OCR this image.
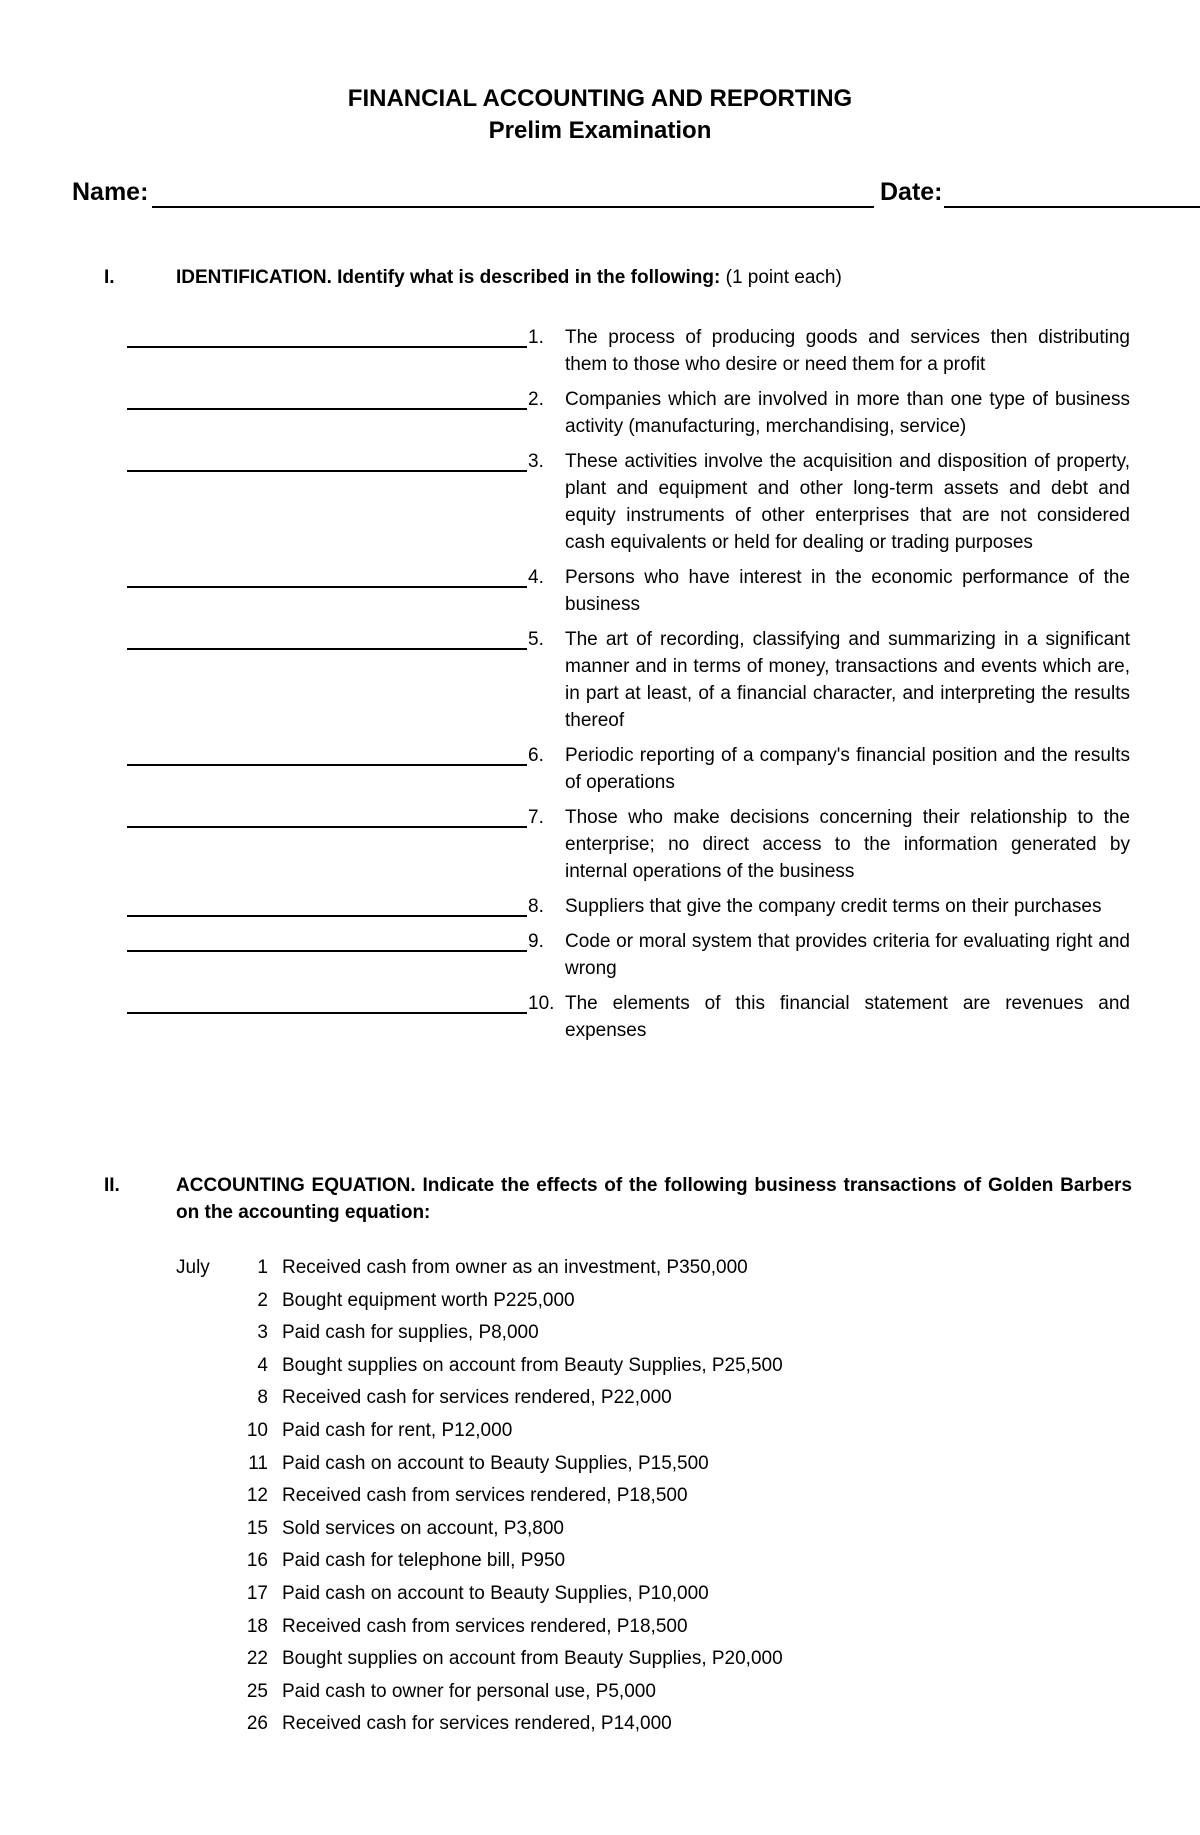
FINANCIAL ACCOUNTING AND REPORTING
Prelim Examination
Name:	Date:
I.	IDENTIFICATION. Identify what is described in the following: (1 point each)
1.	The process of producing goods and services then distributing them to those who desire or need them for a profit
2.	Companies which are involved in more than one type of business activity (manufacturing, merchandising, service)
3.	These activities involve the acquisition and disposition of property, plant and equipment and other long-term assets and debt and equity instruments of other enterprises that are not considered cash equivalents or held for dealing or trading purposes
4.	Persons who have interest in the economic performance of the business
5.	The art of recording, classifying and summarizing in a significant manner and in terms of money, transactions and events which are, in part at least, of a financial character, and interpreting the results thereof
6.	Periodic reporting of a company's financial position and the results of operations
7.	Those who make decisions concerning their relationship to the enterprise; no direct access to the information generated by internal operations of the business
8.	Suppliers that give the company credit terms on their purchases
9.	Code or moral system that provides criteria for evaluating right and wrong
10. The elements of this financial statement are revenues and expenses
II.	ACCOUNTING EQUATION. Indicate the effects of the following business transactions of Golden Barbers on the accounting equation:
July	1 Received cash from owner as an investment, P350,000
2 Bought equipment worth P225,000
3 Paid cash for supplies, P8,000
4 Bought supplies on account from Beauty Supplies, P25,500
8 Received cash for services rendered, P22,000
10 Paid cash for rent, P12,000
11 Paid cash on account to Beauty Supplies, P15,500
12 Received cash from services rendered, P18,500
15 Sold services on account, P3,800
16 Paid cash for telephone bill, P950
17 Paid cash on account to Beauty Supplies, P10,000
18 Received cash from services rendered, P18,500
22 Bought supplies on account from Beauty Supplies, P20,000
25 Paid cash to owner for personal use, P5,000
26 Received cash for services rendered, P14,000
